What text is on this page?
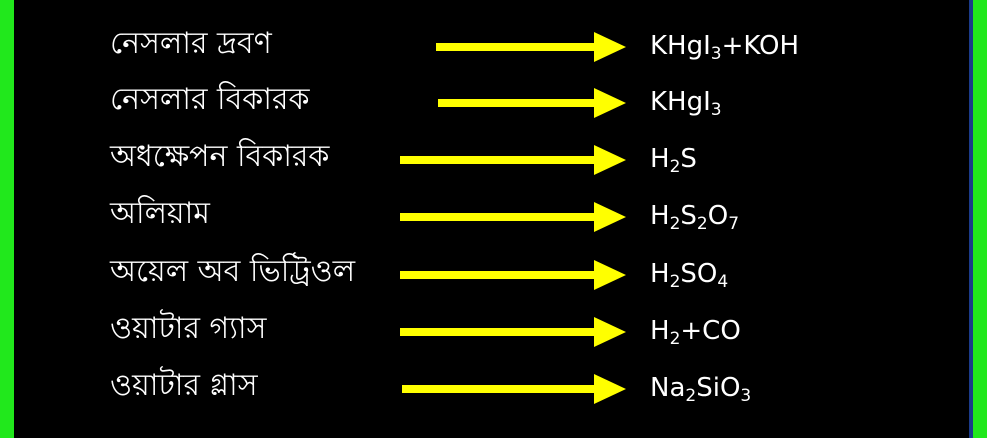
নেসলার দ্রবণ	KHgI$_3$+KOH
নেসলার বিকারক	KHgI$_3$
অধক্ষেপন বিকারক	$H_2S$
অলিয়াম	$H_2S_2O_7$
অয়েল অব ভিট্রিওল	$H_2SO_4$
ওয়াটার গ্যাস	$H_2+CO$
ওয়াটার গ্লাস	$Na_2SiO_3$
